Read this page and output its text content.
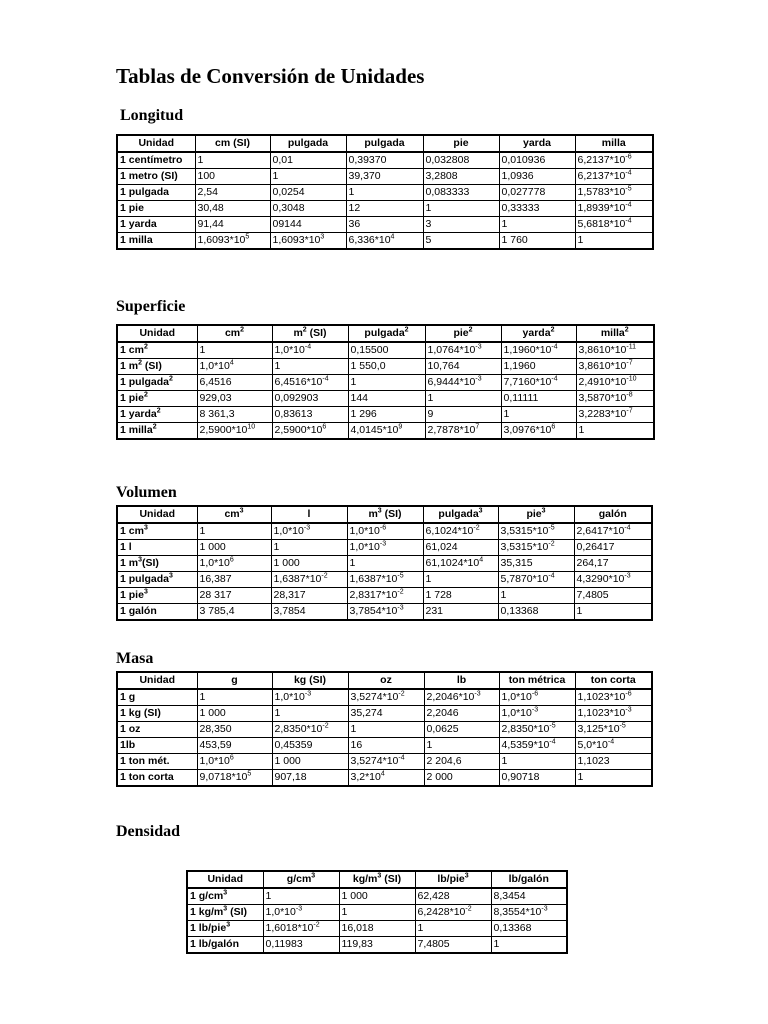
Tablas de Conversión de Unidades
Longitud
Unidad	cm (SI)	pulgada	pulgada	pie	yarda	milla
1 centímetro	1	0,01	0,39370	0,032808	0,010936	$6,2137*10^{-6}$
1 metro (SI)	100	1	39,370	3,2808	1,0936	$6,2137*10^{-4}$
1 pulgada	2,54	0,0254	1	0,083333	0,027778	$1,5783*10^{-5}$
1 pie	30,48	0,3048	12	1	0,33333	$1,8939*10^{-4}$
1 yarda	91,44	09144	36	3	1	$5,6818*10^{-4}$
1 milla	$1,6093*10^5$	$1,6093*10^3$	$6,336*10^4$	5	1 760	1
Superficie
Unidad	$cm^2$	$m^2$ (SI)	pulgada$^2$	pie$^2$	yarda$^2$	milla$^2$
1 $cm^2$	1	$1,0*10^{-4}$	0,15500	$1,0764*10^{-3}$	$1,1960*10^{-4}$	$3,8610*10^{-11}$
1 $m^2$ (SI)	$1,0*10^4$	1	1 550,0	10,764	1,1960	$3,8610*10^{-7}$
1 pulgada$^2$	6,4516	$6,4516*10^{-4}$	1	$6,9444*10^{-3}$	$7,7160*10^{-4}$	$2,4910*10^{-10}$
1 pie$^2$	929,03	0,092903	144	1	0,11111	$3,5870*10^{-8}$
1 yarda$^2$	8 361,3	0,83613	1 296	9	1	$3,2283*10^{-7}$
1 milla$^2$	$2,5900*10^{10}$	$2,5900*10^6$	$4,0145*10^9$	$2,7878*10^7$	$3,0976*10^6$	1
Volumen
Unidad	$cm^3$	l	$m^3$ (SI)	pulgada$^3$	pie$^3$	galón
1 $cm^3$	1	$1,0*10^{-3}$	$1,0*10^{-6}$	$6,1024*10^{-2}$	$3,5315*10^{-5}$	$2,6417*10^{-4}$
1 l	1 000	1	$1,0*10^{-3}$	61,024	$3,5315*10^{-2}$	0,26417
1 $m^3(SI)$	$1,0*10^6$	1 000	1	$61,1024*10^4$	35,315	264,17
1 pulgada$^3$	16,387	$1,6387*10^{-2}$	$1,6387*10^{-5}$	1	$5,7870*10^{-4}$	$4,3290*10^{-3}$
1 pie$^3$	28 317	28,317	$2,8317*10^{-2}$	1 728	1	7,4805
1 galón	3 785,4	3,7854	$3,7854*10^{-3}$	231	0,13368	1
Masa
Unidad	g	kg (SI)	oz	lb	ton métrica	ton corta
1 g	1	$1,0*10^{-3}$	$3,5274*10^{-2}$	$2,2046*10^{-3}$	$1,0*10^{-6}$	$1,1023*10^{-6}$
1 kg (SI)	1 000	1	35,274	2,2046	$1,0*10^{-3}$	$1,1023*10^{-3}$
1 oz	28,350	$2,8350*10^{-2}$	1	0,0625	$2,8350*10^{-5}$	$3,125*10^{-5}$
1lb	453,59	0,45359	16	1	$4,5359*10^{-4}$	$5,0*10^{-4}$
1 ton mét.	$1,0*10^6$	1 000	$3,5274*10^{-4}$	2 204,6	1	1,1023
1 ton corta	$9,0718*10^5$	907,18	$3,2*10^4$	2 000	0,90718	1
Densidad
Unidad	$g/cm^3$	$kg/m^3$ (SI)	lb/pie$^3$	lb/galón
1 $g/cm^3$	1	1 000	62,428	8,3454
1 $kg/m^3$ (SI)	$1,0*10^{-3}$	1	$6,2428*10^{-2}$	$8,3554*10^{-3}$
1 lb/pie$^3$	$1,6018*10^{-2}$	16,018	1	0,13368
1 lb/galón	0,11983	119,83	7,4805	1
